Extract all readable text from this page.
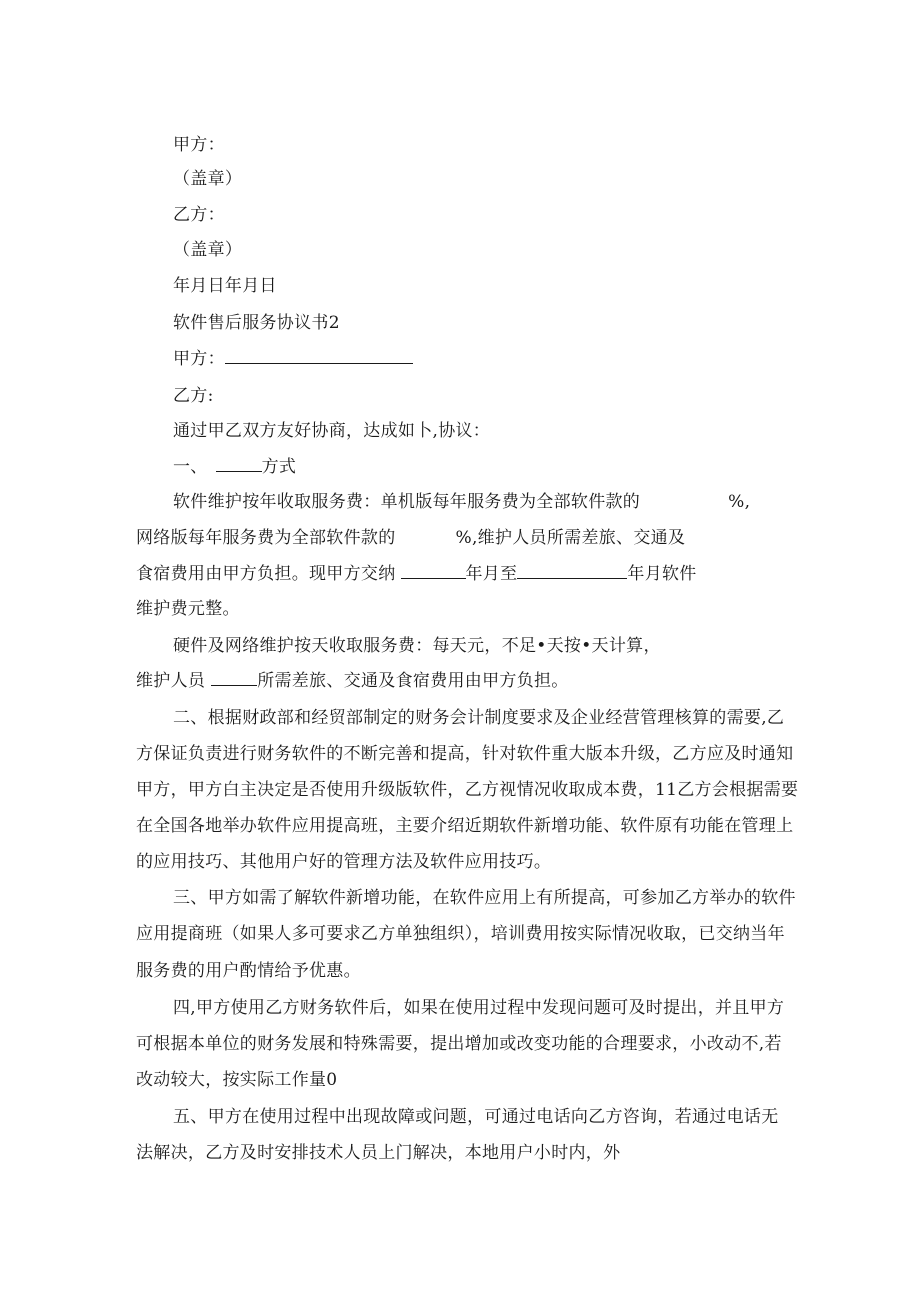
甲方：
（盖章）
乙方：
（盖章）
年月日年月日
软件售后服务协议书2
甲方：
乙方:
通过甲乙双方友好协商，达成如卜,协议：
一、	方式
软件维护按年收取服务费：单机版每年服务费为全部软件款的	%,
网络版每年服务费为全部软件款的	%,维护人员所需差旅、交通及
食宿费用由甲方负担。现甲方交纳	年月至	年月软件
维护费元整。
硬件及网络维护按天收取服务费：每天元，不足•天按•天计算，
维护人员	所需差旅、交通及食宿费用由甲方负担。
二、根据财政部和经贸部制定的财务会计制度要求及企业经营管理核算的需要,乙
方保证负责进行财务软件的不断完善和提高，针对软件重大版本升级，乙方应及时通知
甲方，甲方白主决定是否使用升级版软件，乙方视情况收取成本费，11乙方会根据需要
在全国各地举办软件应用提高班，主要介绍近期软件新增功能、软件原有功能在管理上
的应用技巧、其他用户好的管理方法及软件应用技巧。
三、甲方如需了解软件新增功能，在软件应用上有所提高，可参加乙方举办的软件
应用提商班（如果人多可要求乙方单独组织），培训费用按实际情况收取，已交纳当年
服务费的用户酌情给予优惠。
四,甲方使用乙方财务软件后，如果在使用过程中发现问题可及时提出，并且甲方
可根据本单位的财务发展和特殊需要，提出增加或改变功能的合理要求，小改动不,若
改动较大，按实际工作量0
五、甲方在使用过程中出现故障或问题，可通过电话向乙方咨询，若通过电话无
法解决，乙方及时安排技术人员上门解决，本地用户小时内，外
